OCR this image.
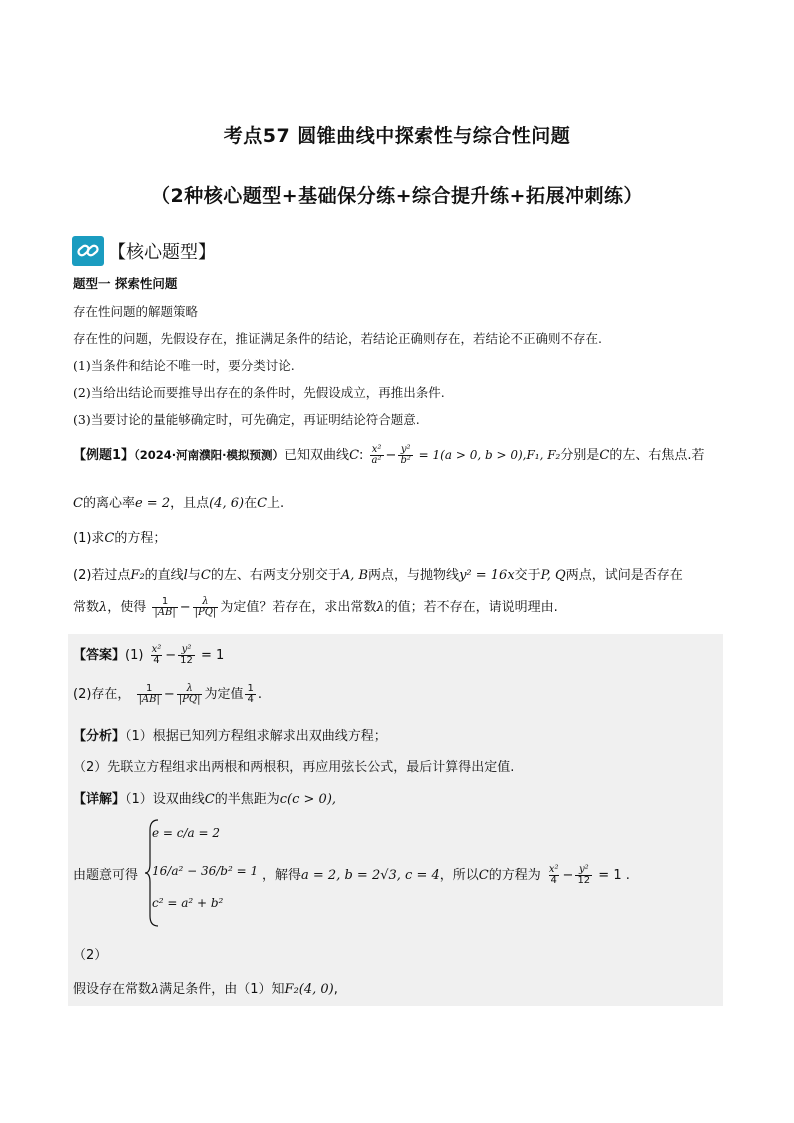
考点57 圆锥曲线中探索性与综合性问题
（2种核心题型+基础保分练+综合提升练+拓展冲刺练）
【核心题型】
题型一 探索性问题
存在性问题的解题策略
存在性的问题，先假设存在，推证满足条件的结论，若结论正确则存在，若结论不正确则不存在.
(1)当条件和结论不唯一时，要分类讨论.
(2)当给出结论而要推导出存在的条件时，先假设成立，再推出条件.
(3)当要讨论的量能够确定时，可先确定，再证明结论符合题意.
【例题1】（2024·河南濮阳·模拟预测）已知双曲线C: $\frac{\text{x²}}{\text{a²}} - \frac{\text{y²}}{\text{b²}} = 1(a > 0$, b > 0),F₁, F₂分别是C的左、右焦点.若
C的离心率e = 2，且点(4, 6)在C上.
(1)求C的方程；
(2)若过点F₂的直线l与C的左、右两支分别交于A, B两点，与抛物线y² = 16x交于P, Q两点，试问是否存在
常数λ，使得 $\frac{1}{|AB|} - \frac{\lambda}{|PQ|}$ 为定值？若存在，求出常数λ的值；若不存在，请说明理由.
【答案】$(1) \frac{\text{x²}}{4} - \frac{\text{y²}}{12} = 1$
(2)存在， $\frac{1}{|AB|} - \frac{\lambda}{|PQ|}$ 为定值 $\frac{1}{4}$ .
【分析】（1）根据已知列方程组求解求出双曲线方程；
（2）先联立方程组求出两根和两根积，再应用弦长公式，最后计算得出定值.
【详解】（1）设双曲线C的半焦距为c(c > 0),
由题意可得
e = c/a = 2
16/a² − 36/b² = 1
c² = a² + b²
，解得a = 2, b = 2√3, c = 4，所以C的方程为 $\frac{\text{x²}}{4} - \frac{\text{y²}}{12} = 1$ .
（2）
假设存在常数λ满足条件，由（1）知F₂(4, 0),
